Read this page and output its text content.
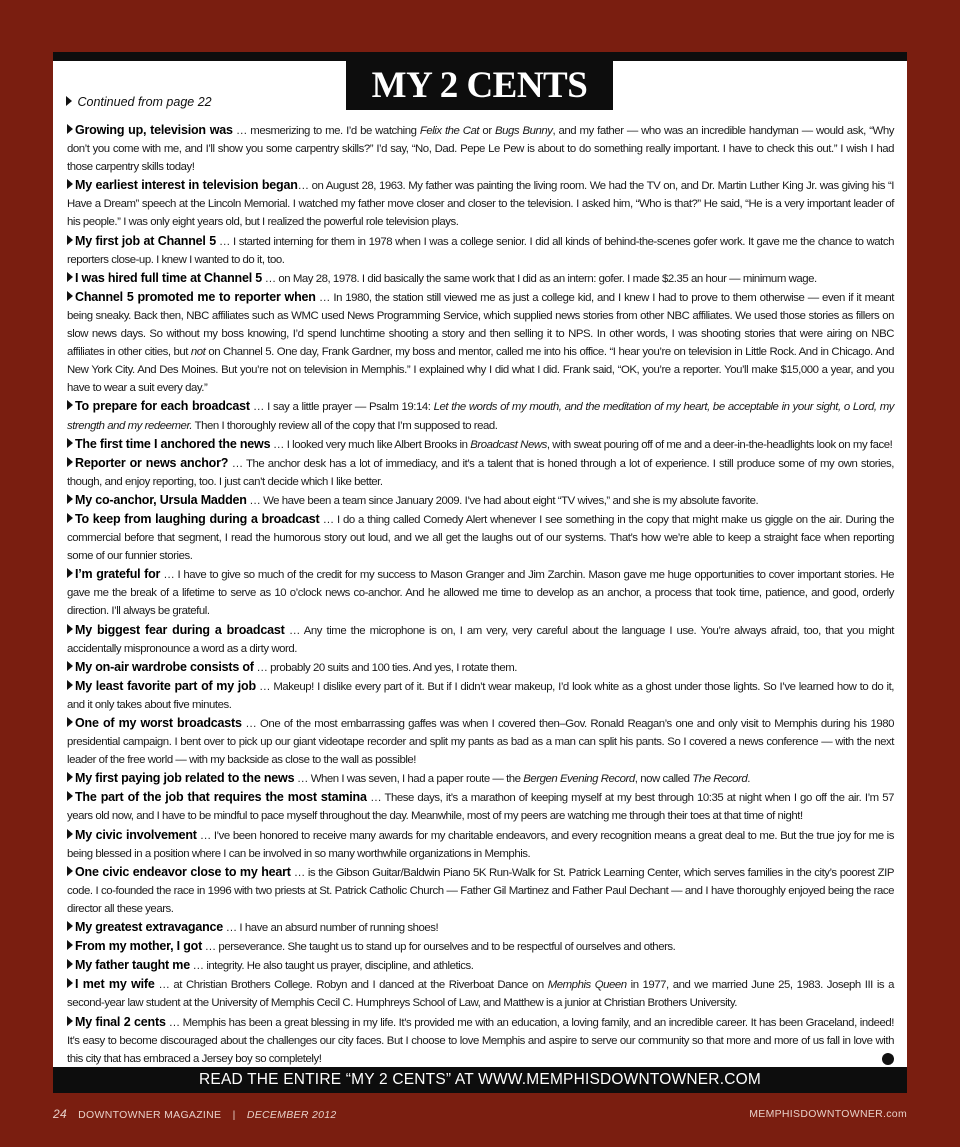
MY 2 CENTS
Continued from page 22

Growing up, television was … mesmerizing to me. I’d be watching Felix the Cat or Bugs Bunny, and my father — who was an incredible handyman — would ask, “Why don’t you come with me, and I’ll show you some carpentry skills?” I’d say, “No, Dad. Pepe Le Pew is about to do something really important. I have to check this out.” I wish I had those carpentry skills today!

My earliest interest in television began… on August 28, 1963. My father was painting the living room. We had the TV on, and Dr. Martin Luther King Jr. was giving his “I Have a Dream” speech at the Lincoln Memorial. I watched my father move closer and closer to the television. I asked him, “Who is that?” He said, “He is a very important leader of his people.” I was only eight years old, but I realized the powerful role television plays.

My first job at Channel 5 … I started interning for them in 1978 when I was a college senior. I did all kinds of behind-the-scenes gofer work. It gave me the chance to watch reporters close-up. I knew I wanted to do it, too.

I was hired full time at Channel 5 … on May 28, 1978. I did basically the same work that I did as an intern: gofer. I made $2.35 an hour — minimum wage.

Channel 5 promoted me to reporter when … In 1980, the station still viewed me as just a college kid, and I knew I had to prove to them otherwise — even if it meant being sneaky. Back then, NBC affiliates such as WMC used News Programming Service, which supplied news stories from other NBC affiliates. We used those stories as fillers on slow news days. So without my boss knowing, I’d spend lunchtime shooting a story and then selling it to NPS. In other words, I was shooting stories that were airing on NBC affiliates in other cities, but not on Channel 5. One day, Frank Gardner, my boss and mentor, called me into his office. “I hear you’re on television in Little Rock. And in Chicago. And New York City. And Des Moines. But you’re not on television in Memphis.” I explained why I did what I did. Frank said, “OK, you’re a reporter. You’ll make $15,000 a year, and you have to wear a suit every day.”

To prepare for each broadcast … I say a little prayer — Psalm 19:14: Let the words of my mouth, and the meditation of my heart, be acceptable in your sight, o Lord, my strength and my redeemer. Then I thoroughly review all of the copy that I’m supposed to read.

The first time I anchored the news … I looked very much like Albert Brooks in Broadcast News, with sweat pouring off of me and a deer-in-the-headlights look on my face!

Reporter or news anchor? … The anchor desk has a lot of immediacy, and it’s a talent that is honed through a lot of experience. I still produce some of my own stories, though, and enjoy reporting, too. I just can’t decide which I like better.

My co-anchor, Ursula Madden … We have been a team since January 2009. I’ve had about eight “TV wives,” and she is my absolute favorite.

To keep from laughing during a broadcast … I do a thing called Comedy Alert whenever I see something in the copy that might make us giggle on the air. During the commercial before that segment, I read the humorous story out loud, and we all get the laughs out of our systems. That’s how we’re able to keep a straight face when reporting some of our funnier stories.

I’m grateful for … I have to give so much of the credit for my success to Mason Granger and Jim Zarchin. Mason gave me huge opportunities to cover important stories. He gave me the break of a lifetime to serve as 10 o’clock news co-anchor. And he allowed me time to develop as an anchor, a process that took time, patience, and good, orderly direction. I’ll always be grateful.

My biggest fear during a broadcast … Any time the microphone is on, I am very, very careful about the language I use. You’re always afraid, too, that you might accidentally mispronounce a word as a dirty word.

My on-air wardrobe consists of … probably 20 suits and 100 ties. And yes, I rotate them.

My least favorite part of my job … Makeup! I dislike every part of it. But if I didn’t wear makeup, I’d look white as a ghost under those lights. So I’ve learned how to do it, and it only takes about five minutes.

One of my worst broadcasts … One of the most embarrassing gaffes was when I covered then–Gov. Ronald Reagan’s one and only visit to Memphis during his 1980 presidential campaign. I bent over to pick up our giant videotape recorder and split my pants as bad as a man can split his pants. So I covered a news conference — with the next leader of the free world — with my backside as close to the wall as possible!

My first paying job related to the news … When I was seven, I had a paper route — the Bergen Evening Record, now called The Record.

The part of the job that requires the most stamina … These days, it’s a marathon of keeping myself at my best through 10:35 at night when I go off the air. I’m 57 years old now, and I have to be mindful to pace myself throughout the day. Meanwhile, most of my peers are watching me through their toes at that time of night!

My civic involvement … I’ve been honored to receive many awards for my charitable endeavors, and every recognition means a great deal to me. But the true joy for me is being blessed in a position where I can be involved in so many worthwhile organizations in Memphis.

One civic endeavor close to my heart … is the Gibson Guitar/Baldwin Piano 5K Run-Walk for St. Patrick Learning Center, which serves families in the city’s poorest ZIP code. I co-founded the race in 1996 with two priests at St. Patrick Catholic Church — Father Gil Martinez and Father Paul Dechant — and I have thoroughly enjoyed being the race director all these years.

My greatest extravagance … I have an absurd number of running shoes!

From my mother, I got … perseverance. She taught us to stand up for ourselves and to be respectful of ourselves and others.

My father taught me … integrity. He also taught us prayer, discipline, and athletics.

I met my wife … at Christian Brothers College. Robyn and I danced at the Riverboat Dance on Memphis Queen in 1977, and we married June 25, 1983. Joseph III is a second-year law student at the University of Memphis Cecil C. Humphreys School of Law, and Matthew is a junior at Christian Brothers University.

My final 2 cents … Memphis has been a great blessing in my life. It’s provided me with an education, a loving family, and an incredible career. It has been Graceland, indeed! It’s easy to become discouraged about the challenges our city faces. But I choose to love Memphis and aspire to serve our community so that more and more of us fall in love with this city that has embraced a Jersey boy so completely!

READ THE ENTIRE “MY 2 CENTS” AT WWW.MEMPHISDOWNTOWNER.COM
24 DOWNTOWNER MAGAZINE | DECEMBER 2012	MEMPHISDOWNTOWNER.com
